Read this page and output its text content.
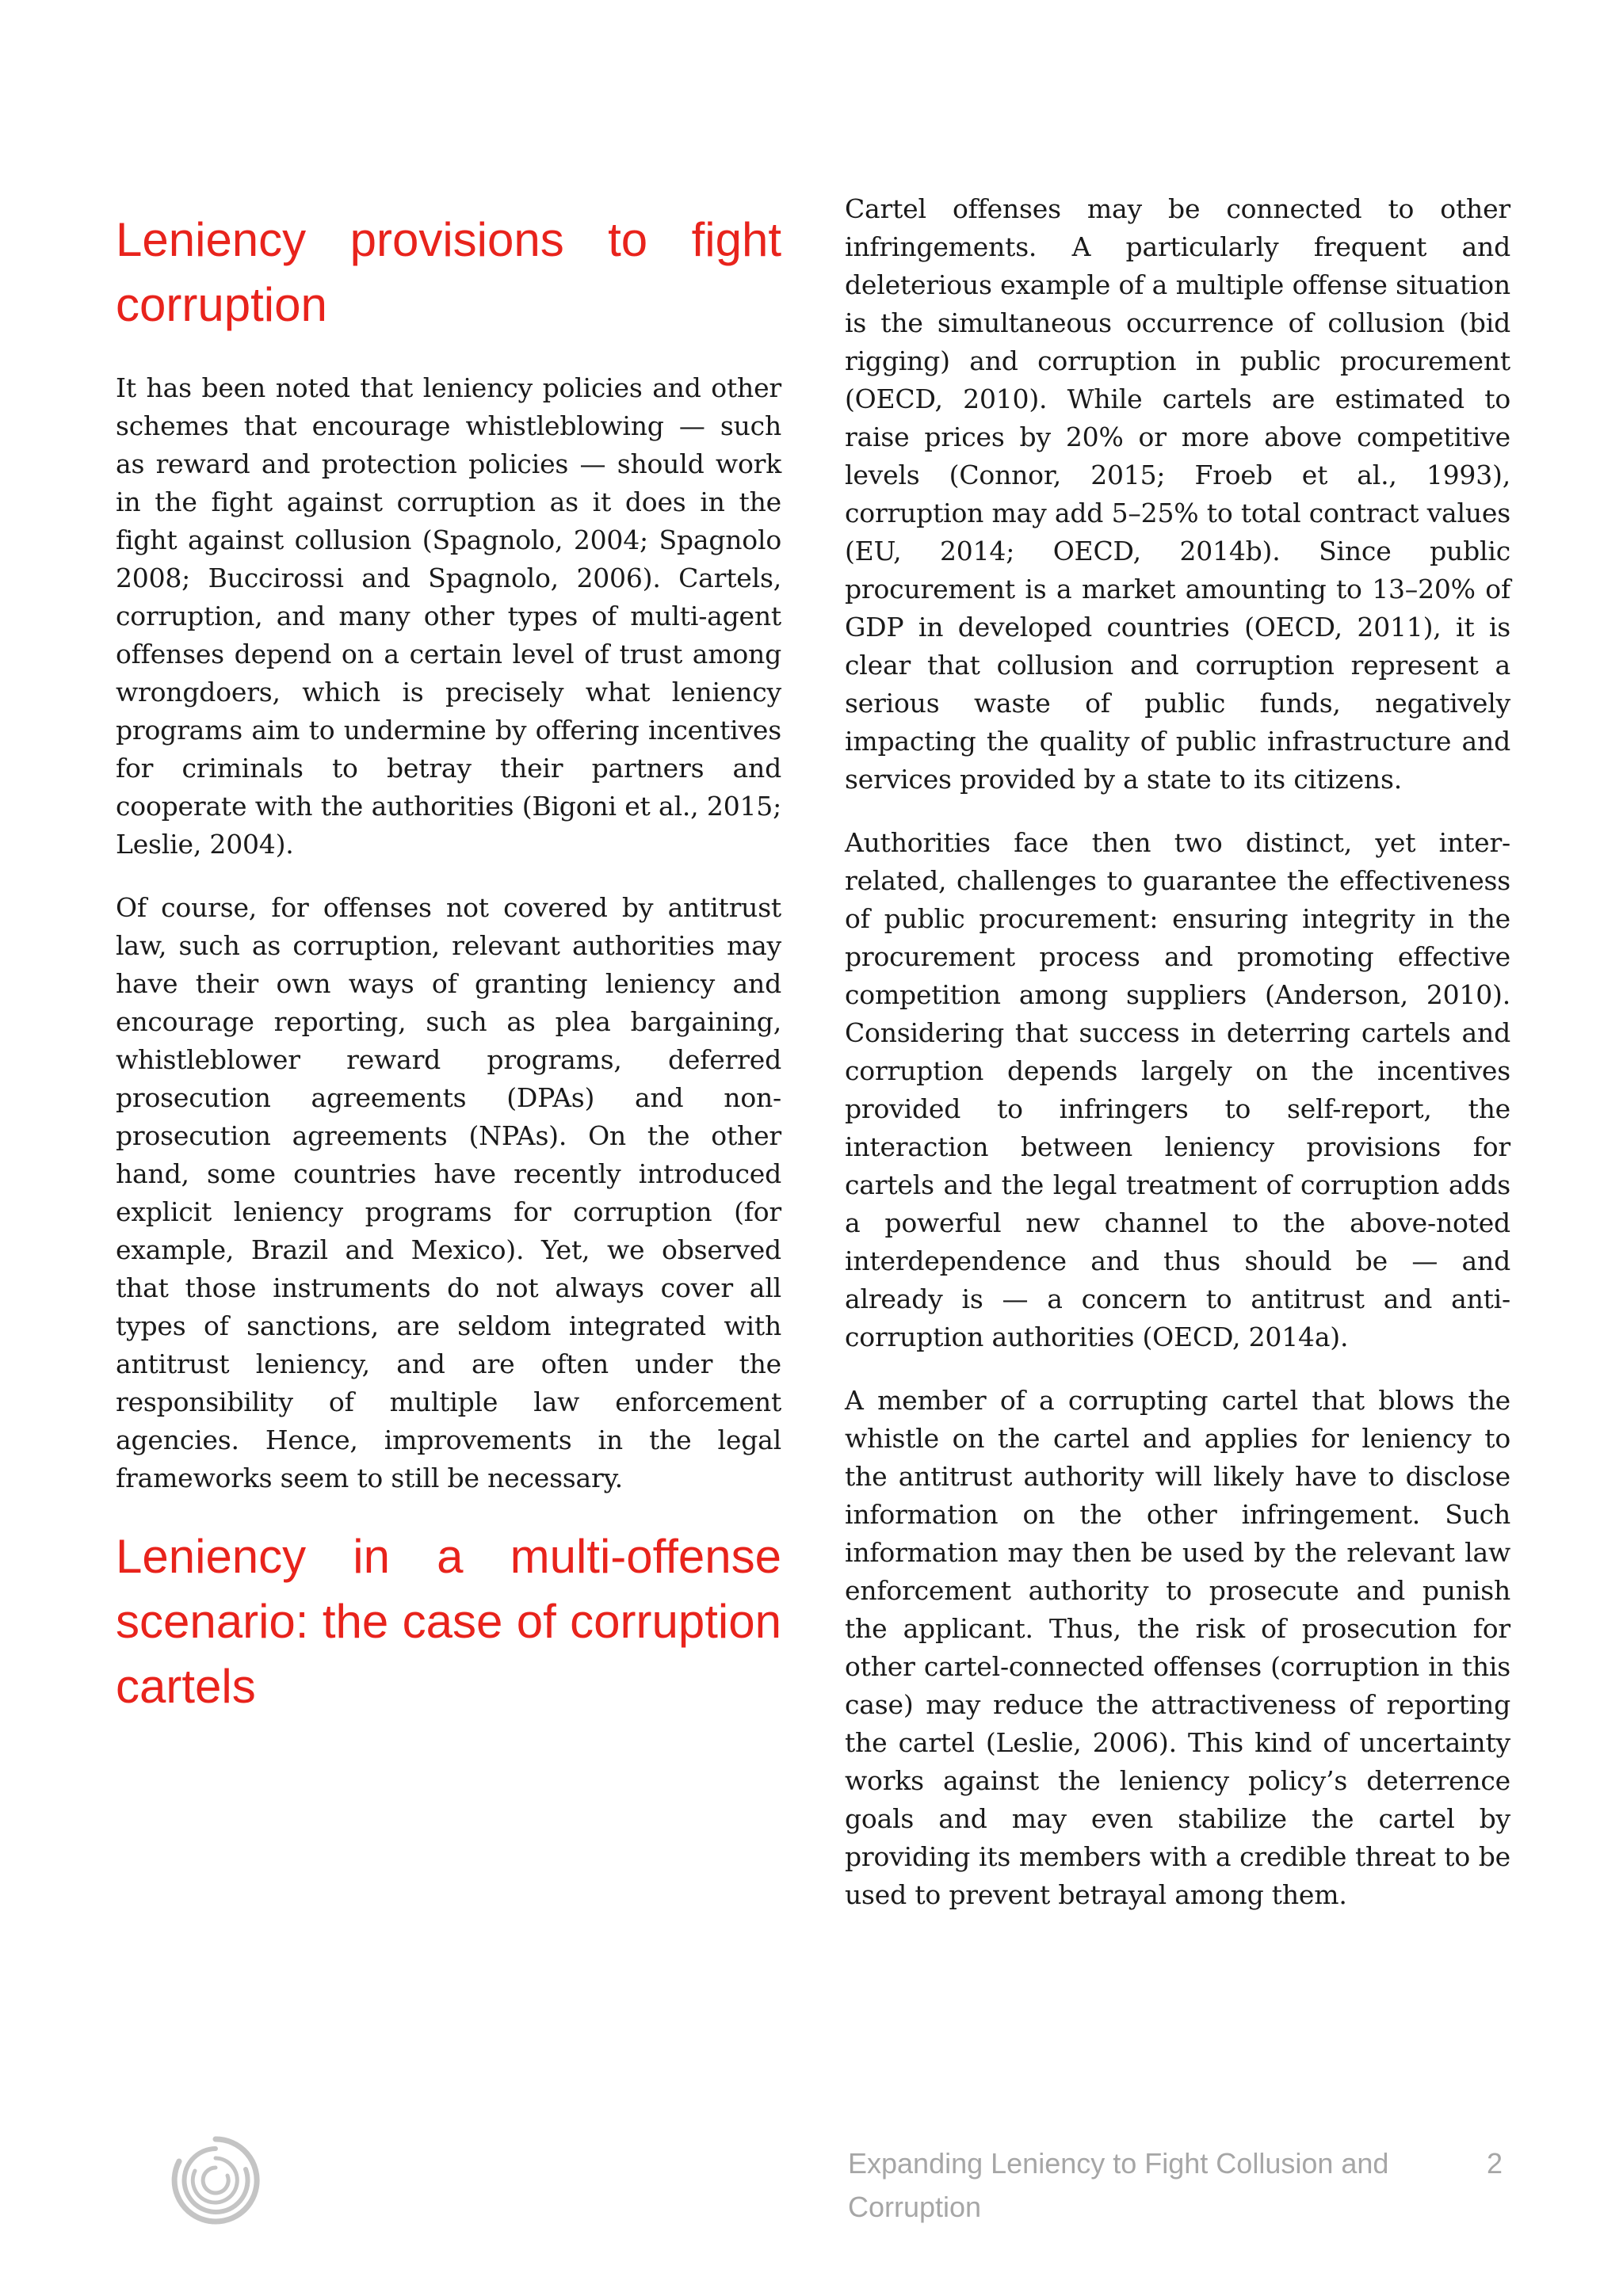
Leniency provisions to fight corruption

It has been noted that leniency policies and other schemes that encourage whistleblowing — such as reward and protection policies — should work in the fight against corruption as it does in the fight against collusion (Spagnolo, 2004; Spagnolo 2008; Buccirossi and Spagnolo, 2006). Cartels, corruption, and many other types of multi-agent offenses depend on a certain level of trust among wrongdoers, which is precisely what leniency programs aim to undermine by offering incentives for criminals to betray their partners and cooperate with the authorities (Bigoni et al., 2015; Leslie, 2004).

Of course, for offenses not covered by antitrust law, such as corruption, relevant authorities may have their own ways of granting leniency and encourage reporting, such as plea bargaining, whistleblower reward programs, deferred prosecution agreements (DPAs) and non-prosecution agreements (NPAs). On the other hand, some countries have recently introduced explicit leniency programs for corruption (for example, Brazil and Mexico). Yet, we observed that those instruments do not always cover all types of sanctions, are seldom integrated with antitrust leniency, and are often under the responsibility of multiple law enforcement agencies. Hence, improvements in the legal frameworks seem to still be necessary.

Leniency in a multi-offense scenario: the case of corruption cartels

Cartel offenses may be connected to other infringements. A particularly frequent and deleterious example of a multiple offense situation is the simultaneous occurrence of collusion (bid rigging) and corruption in public procurement (OECD, 2010). While cartels are estimated to raise prices by 20% or more above competitive levels (Connor, 2015; Froeb et al., 1993), corruption may add 5–25% to total contract values (EU, 2014; OECD, 2014b). Since public procurement is a market amounting to 13–20% of GDP in developed countries (OECD, 2011), it is clear that collusion and corruption represent a serious waste of public funds, negatively impacting the quality of public infrastructure and services provided by a state to its citizens.

Authorities face then two distinct, yet inter-related, challenges to guarantee the effectiveness of public procurement: ensuring integrity in the procurement process and promoting effective competition among suppliers (Anderson, 2010). Considering that success in deterring cartels and corruption depends largely on the incentives provided to infringers to self-report, the interaction between leniency provisions for cartels and the legal treatment of corruption adds a powerful new channel to the above-noted interdependence and thus should be — and already is — a concern to antitrust and anti-corruption authorities (OECD, 2014a).

A member of a corrupting cartel that blows the whistle on the cartel and applies for leniency to the antitrust authority will likely have to disclose information on the other infringement. Such information may then be used by the relevant law enforcement authority to prosecute and punish the applicant. Thus, the risk of prosecution for other cartel-connected offenses (corruption in this case) may reduce the attractiveness of reporting the cartel (Leslie, 2006). This kind of uncertainty works against the leniency policy’s deterrence goals and may even stabilize the cartel by providing its members with a credible threat to be used to prevent betrayal among them.

Expanding Leniency to Fight Collusion and Corruption
2
